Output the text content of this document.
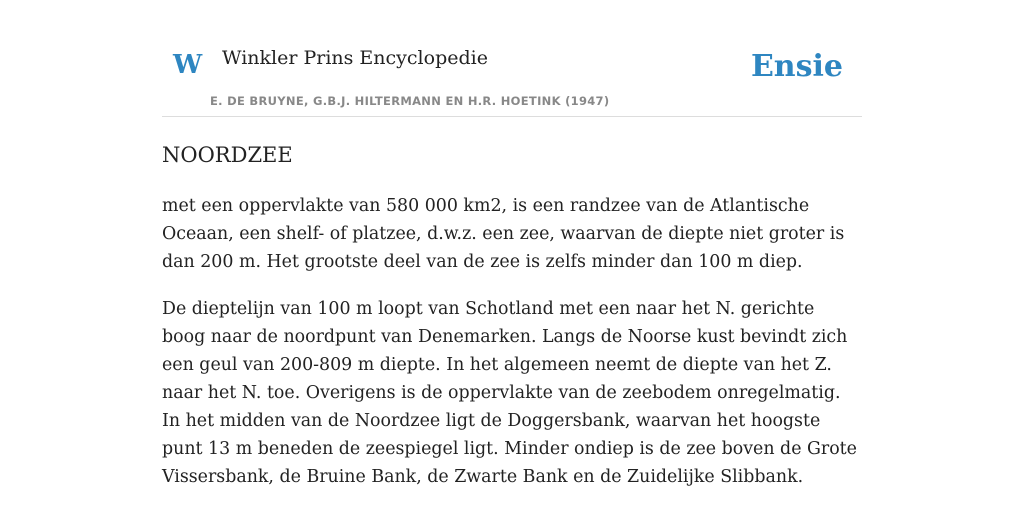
W Winkler Prins Encyclopedie
E. DE BRUYNE, G.B.J. HILTERMANN EN H.R. HOETINK (1947)
Ensie
NOORDZEE

met een oppervlakte van 580 000 km2, is een randzee van de Atlantische Oceaan, een shelf- of platzee, d.w.z. een zee, waarvan de diepte niet groter is dan 200 m. Het grootste deel van de zee is zelfs minder dan 100 m diep.

De dieptelijn van 100 m loopt van Schotland met een naar het N. gerichte boog naar de noordpunt van Denemarken. Langs de Noorse kust bevindt zich een geul van 200-809 m diepte. In het algemeen neemt de diepte van het Z. naar het N. toe. Overigens is de oppervlakte van de zeebodem onregelmatig. In het midden van de Noordzee ligt de Doggersbank, waarvan het hoogste punt 13 m beneden de zeespiegel ligt. Minder ondiep is de zee boven de Grote Vissersbank, de Bruine Bank, de Zwarte Bank en de Zuidelijke Slibbank.
